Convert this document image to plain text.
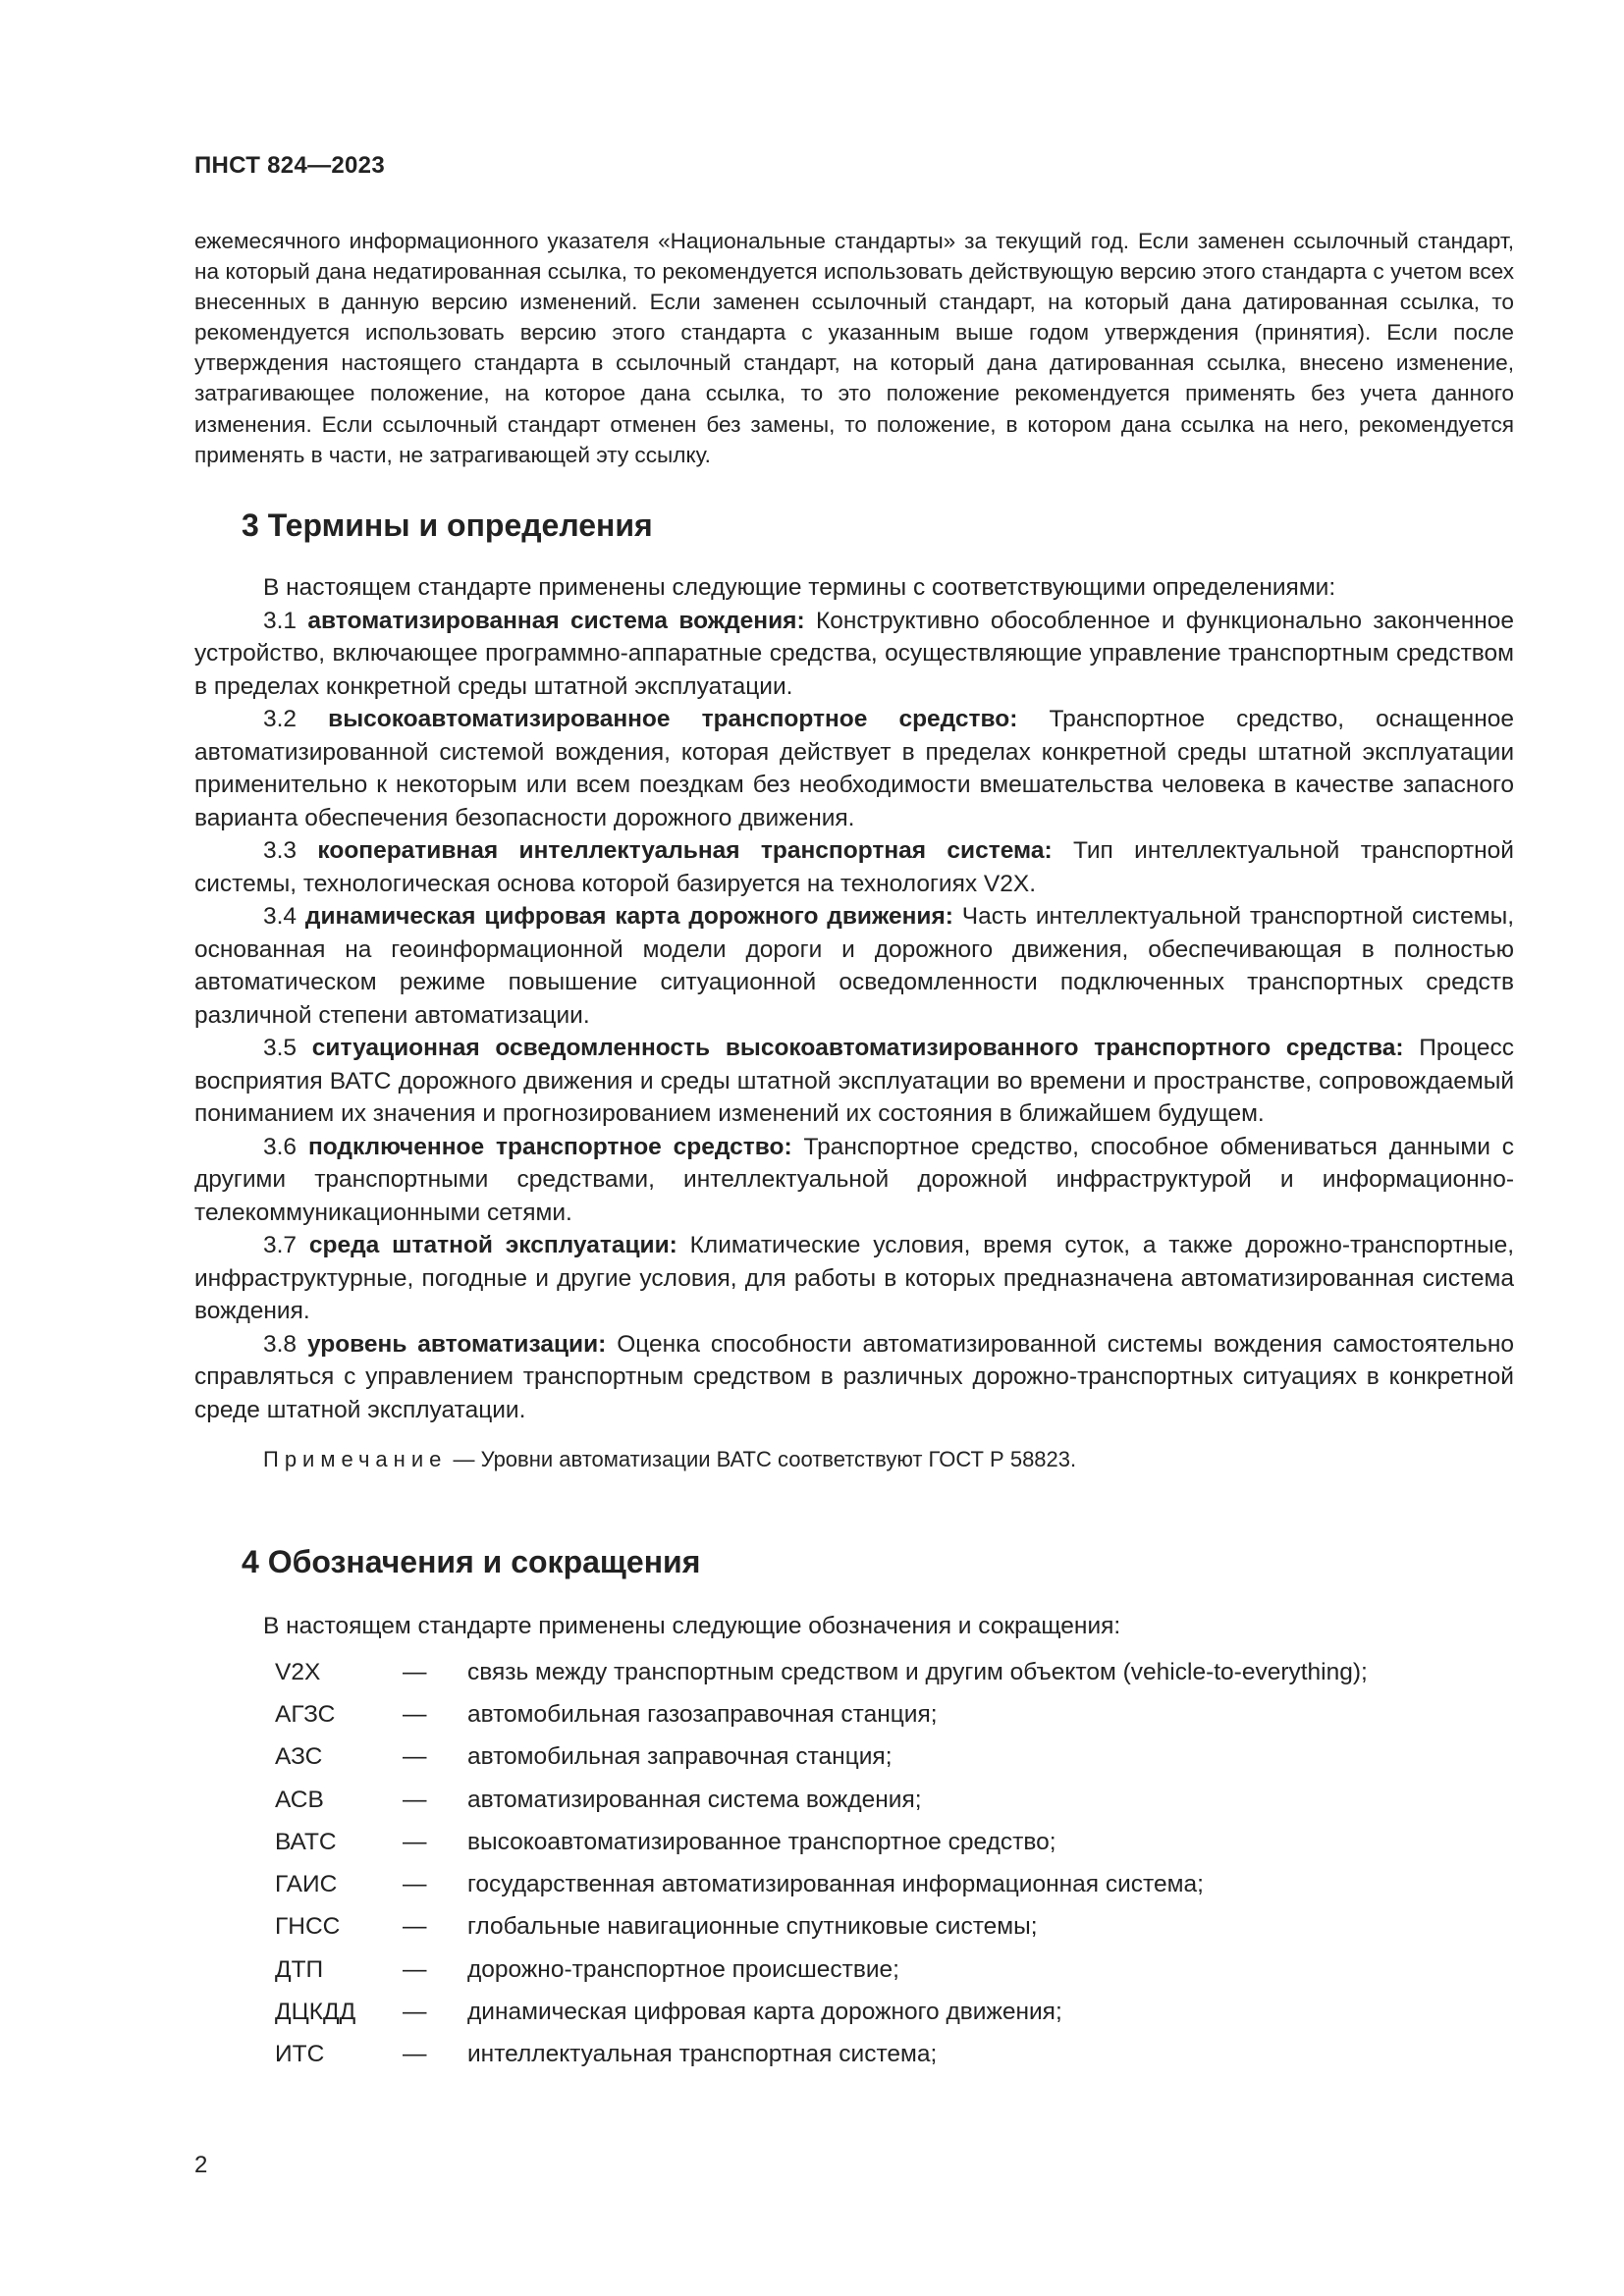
ПНСТ 824—2023

ежемесячного информационного указателя «Национальные стандарты» за текущий год. Если заменен ссылочный стандарт, на который дана недатированная ссылка, то рекомендуется использовать действующую версию этого стандарта с учетом всех внесенных в данную версию изменений. Если заменен ссылочный стандарт, на который дана датированная ссылка, то рекомендуется использовать версию этого стандарта с указанным выше годом утверждения (принятия). Если после утверждения настоящего стандарта в ссылочный стандарт, на который дана датированная ссылка, внесено изменение, затрагивающее положение, на которое дана ссылка, то это положение рекомендуется применять без учета данного изменения. Если ссылочный стандарт отменен без замены, то положение, в котором дана ссылка на него, рекомендуется применять в части, не затрагивающей эту ссылку.

3 Термины и определения

В настоящем стандарте применены следующие термины с соответствующими определениями:

3.1 автоматизированная система вождения: Конструктивно обособленное и функционально законченное устройство, включающее программно-аппаратные средства, осуществляющие управление транспортным средством в пределах конкретной среды штатной эксплуатации.

3.2 высокоавтоматизированное транспортное средство: Транспортное средство, оснащенное автоматизированной системой вождения, которая действует в пределах конкретной среды штатной эксплуатации применительно к некоторым или всем поездкам без необходимости вмешательства человека в качестве запасного варианта обеспечения безопасности дорожного движения.

3.3 кооперативная интеллектуальная транспортная система: Тип интеллектуальной транспортной системы, технологическая основа которой базируется на технологиях V2X.

3.4 динамическая цифровая карта дорожного движения: Часть интеллектуальной транспортной системы, основанная на геоинформационной модели дороги и дорожного движения, обеспечивающая в полностью автоматическом режиме повышение ситуационной осведомленности подключенных транспортных средств различной степени автоматизации.

3.5 ситуационная осведомленность высокоавтоматизированного транспортного средства: Процесс восприятия ВАТС дорожного движения и среды штатной эксплуатации во времени и пространстве, сопровождаемый пониманием их значения и прогнозированием изменений их состояния в ближайшем будущем.

3.6 подключенное транспортное средство: Транспортное средство, способное обмениваться данными с другими транспортными средствами, интеллектуальной дорожной инфраструктурой и информационно-телекоммуникационными сетями.

3.7 среда штатной эксплуатации: Климатические условия, время суток, а также дорожно-транспортные, инфраструктурные, погодные и другие условия, для работы в которых предназначена автоматизированная система вождения.

3.8 уровень автоматизации: Оценка способности автоматизированной системы вождения самостоятельно справляться с управлением транспортным средством в различных дорожно-транспортных ситуациях в конкретной среде штатной эксплуатации.

Примечание — Уровни автоматизации ВАТС соответствуют ГОСТ Р 58823.
4 Обозначения и сокращения
В настоящем стандарте применены следующие обозначения и сокращения:
V2X	—	связь между транспортным средством и другим объектом (vehicle-to-everything);
АГЗС	—	автомобильная газозаправочная станция;
АЗС	—	автомобильная заправочная станция;
АСВ	—	автоматизированная система вождения;
ВАТС	—	высокоавтоматизированное транспортное средство;
ГАИС	—	государственная автоматизированная информационная система;
ГНСС	—	глобальные навигационные спутниковые системы;
ДТП	—	дорожно-транспортное происшествие;
ДЦКДД	—	динамическая цифровая карта дорожного движения;
ИТС	—	интеллектуальная транспортная система;
2
